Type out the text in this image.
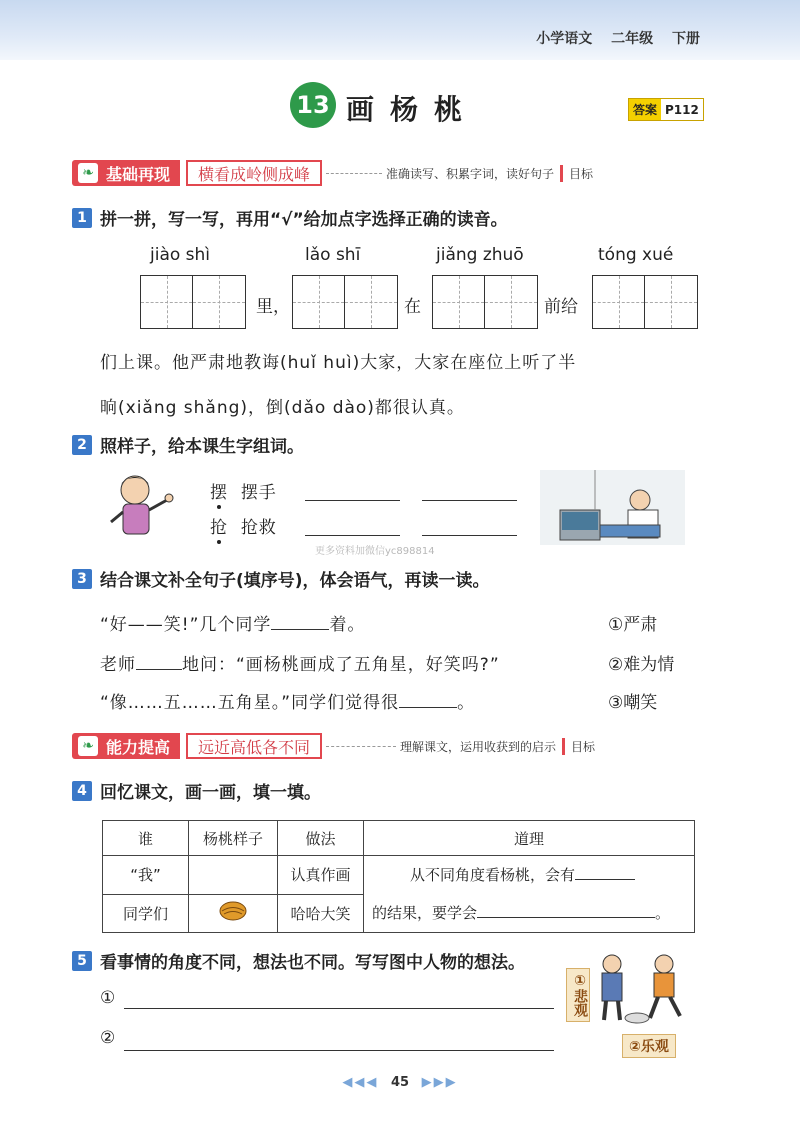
小学语文 二年级 下册
13 画杨桃	答案 P112
❧ 基础再现	横看成岭侧成峰	准确读写、积累字词，读好句子	目标
1 拼一拼，写一写，再用“√”给加点字选择正确的读音。
jiào shì	lǎo shī	jiǎng zhuō	tóng xué
里，	在	前给
们上课。他严肃地教诲(huǐ huì)大家，大家在座位上听了半
晌(xiǎng shǎng)，倒(dǎo dào)都很认真。
2 照样子，给本课生字组词。
摆 摆手
抢 抢救
更多资料加微信yc898814
3 结合课文补全句子(填序号)，体会语气，再读一读。
“好——笑!”几个同学	着。
老师	地问：“画杨桃画成了五角星，好笑吗?”
“像……五……五角星。”同学们觉得很	。
①严肃
②难为情
③嘲笑
❧ 能力提高	远近高低各不同	理解课文，运用收获到的启示	目标
4 回忆课文，画一画，填一填。
谁	杨桃样子	做法	道理
“我”		认真作画	从不同角度看杨桃，会有
的结果，要学会 。

同学们		哈哈大笑	
5 看事情的角度不同，想法也不同。写写图中人物的想法。
①
②
①悲观
②乐观
◀◀◀ 45 ▶▶▶
